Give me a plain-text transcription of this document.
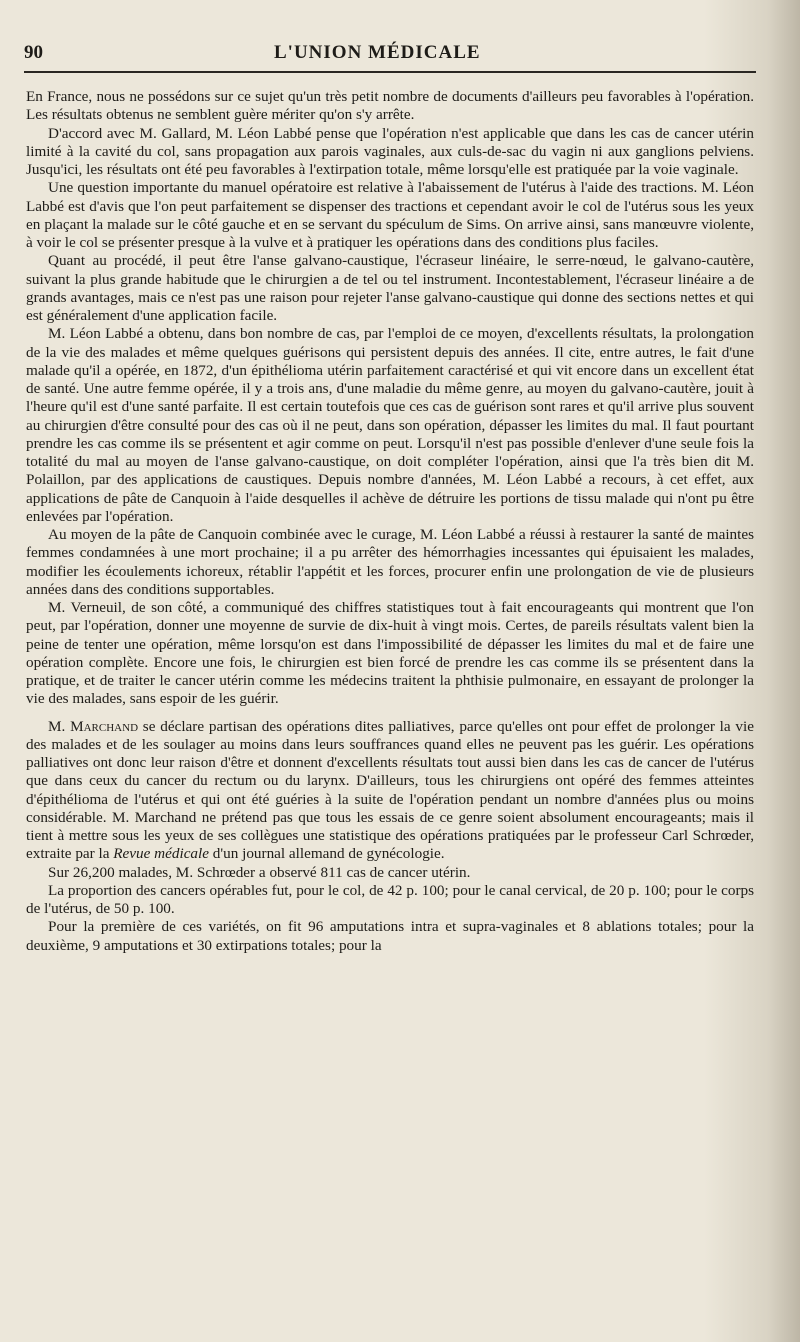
90	L'UNION MÉDICALE

En France, nous ne possédons sur ce sujet qu'un très petit nombre de documents d'ailleurs peu favorables à l'opération. Les résultats obtenus ne semblent guère mériter qu'on s'y arrête.

D'accord avec M. Gallard, M. Léon Labbé pense que l'opération n'est applicable que dans les cas de cancer utérin limité à la cavité du col, sans propagation aux parois vaginales, aux culs-de-sac du vagin ni aux ganglions pelviens. Jusqu'ici, les résultats ont été peu favorables à l'extirpation totale, même lorsqu'elle est pratiquée par la voie vaginale.

Une question importante du manuel opératoire est relative à l'abaissement de l'utérus à l'aide des tractions. M. Léon Labbé est d'avis que l'on peut parfaitement se dispenser des tractions et cependant avoir le col de l'utérus sous les yeux en plaçant la malade sur le côté gauche et en se servant du spéculum de Sims. On arrive ainsi, sans manœuvre violente, à voir le col se présenter presque à la vulve et à pratiquer les opérations dans des conditions plus faciles.

Quant au procédé, il peut être l'anse galvano-caustique, l'écraseur linéaire, le serre-nœud, le galvano-cautère, suivant la plus grande habitude que le chirurgien a de tel ou tel instrument. Incontestablement, l'écraseur linéaire a de grands avantages, mais ce n'est pas une raison pour rejeter l'anse galvano-caustique qui donne des sections nettes et qui est généralement d'une application facile.

M. Léon Labbé a obtenu, dans bon nombre de cas, par l'emploi de ce moyen, d'excellents résultats, la prolongation de la vie des malades et même quelques guérisons qui persistent depuis des années. Il cite, entre autres, le fait d'une malade qu'il a opérée, en 1872, d'un épithélioma utérin parfaitement caractérisé et qui vit encore dans un excellent état de santé. Une autre femme opérée, il y a trois ans, d'une maladie du même genre, au moyen du galvano-cautère, jouit à l'heure qu'il est d'une santé parfaite. Il est certain toutefois que ces cas de guérison sont rares et qu'il arrive plus souvent au chirurgien d'être consulté pour des cas où il ne peut, dans son opération, dépasser les limites du mal. Il faut pourtant prendre les cas comme ils se présentent et agir comme on peut. Lorsqu'il n'est pas possible d'enlever d'une seule fois la totalité du mal au moyen de l'anse galvano-caustique, on doit compléter l'opération, ainsi que l'a très bien dit M. Polaillon, par des applications de caustiques. Depuis nombre d'années, M. Léon Labbé a recours, à cet effet, aux applications de pâte de Canquoin à l'aide desquelles il achève de détruire les portions de tissu malade qui n'ont pu être enlevées par l'opération.

Au moyen de la pâte de Canquoin combinée avec le curage, M. Léon Labbé a réussi à restaurer la santé de maintes femmes condamnées à une mort prochaine; il a pu arrêter des hémorrhagies incessantes qui épuisaient les malades, modifier les écoulements ichoreux, rétablir l'appétit et les forces, procurer enfin une prolongation de vie de plusieurs années dans des conditions supportables.

M. Verneuil, de son côté, a communiqué des chiffres statistiques tout à fait encourageants qui montrent que l'on peut, par l'opération, donner une moyenne de survie de dix-huit à vingt mois. Certes, de pareils résultats valent bien la peine de tenter une opération, même lorsqu'on est dans l'impossibilité de dépasser les limites du mal et de faire une opération complète. Encore une fois, le chirurgien est bien forcé de prendre les cas comme ils se présentent dans la pratique, et de traiter le cancer utérin comme les médecins traitent la phthisie pulmonaire, en essayant de prolonger la vie des malades, sans espoir de les guérir.

M. Marchand se déclare partisan des opérations dites palliatives, parce qu'elles ont pour effet de prolonger la vie des malades et de les soulager au moins dans leurs souffrances quand elles ne peuvent pas les guérir. Les opérations palliatives ont donc leur raison d'être et donnent d'excellents résultats tout aussi bien dans les cas de cancer de l'utérus que dans ceux du cancer du rectum ou du larynx. D'ailleurs, tous les chirurgiens ont opéré des femmes atteintes d'épithélioma de l'utérus et qui ont été guéries à la suite de l'opération pendant un nombre d'années plus ou moins considérable. M. Marchand ne prétend pas que tous les essais de ce genre soient absolument encourageants; mais il tient à mettre sous les yeux de ses collègues une statistique des opérations pratiquées par le professeur Carl Schrœder, extraite par la Revue médicale d'un journal allemand de gynécologie.

Sur 26,200 malades, M. Schrœder a observé 811 cas de cancer utérin.

La proportion des cancers opérables fut, pour le col, de 42 p. 100; pour le canal cervical, de 20 p. 100; pour le corps de l'utérus, de 50 p. 100.

Pour la première de ces variétés, on fit 96 amputations intra et supra-vaginales et 8 ablations totales; pour la deuxième, 9 amputations et 30 extirpations totales; pour la
